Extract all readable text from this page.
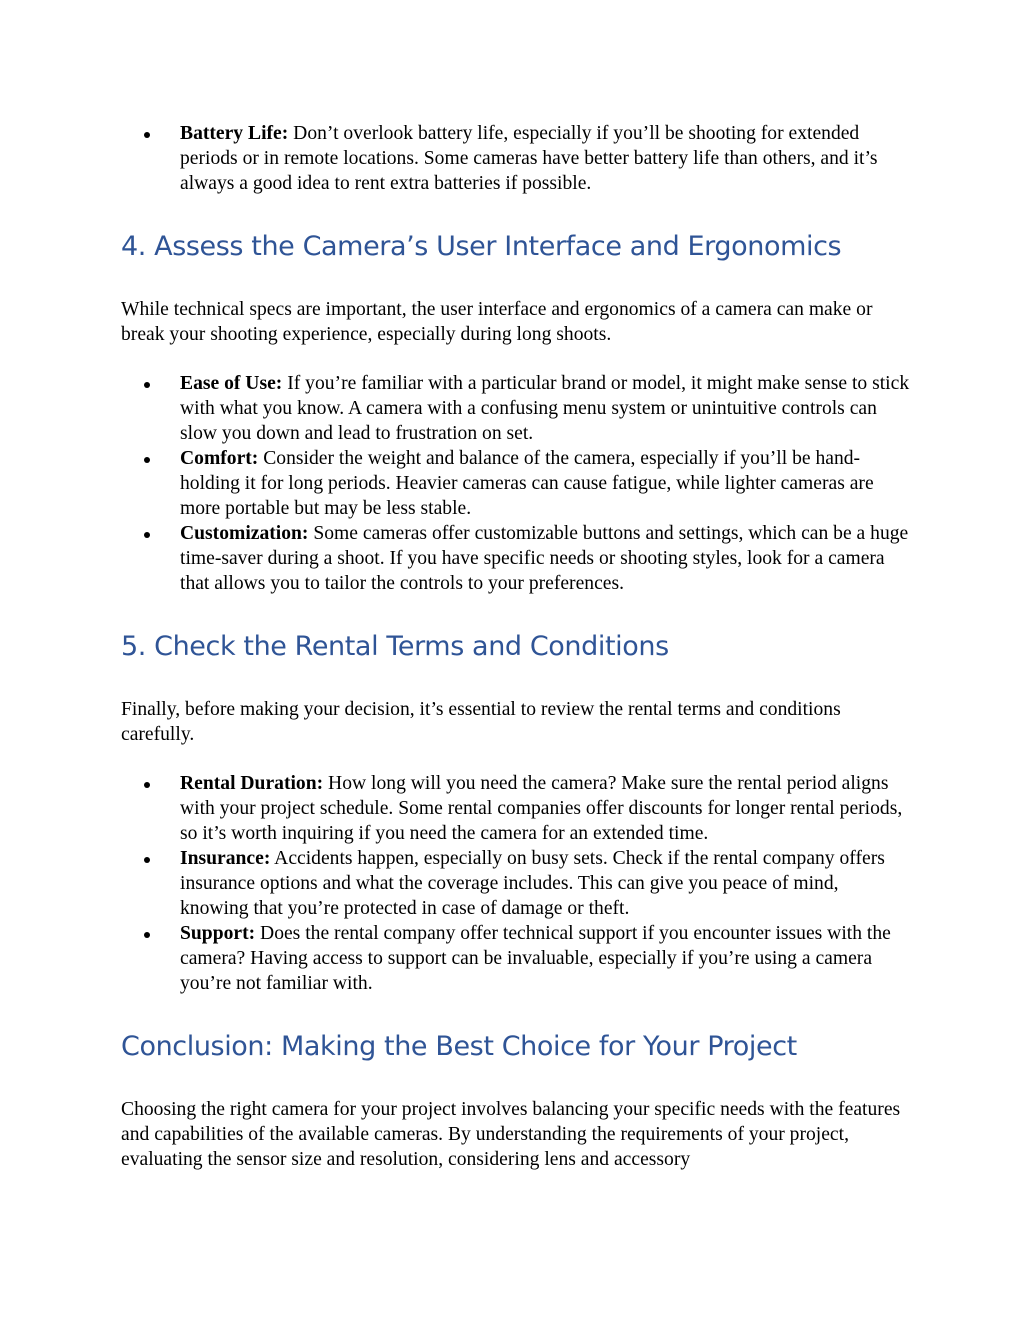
Battery Life: Don’t overlook battery life, especially if you’ll be shooting for extended periods or in remote locations. Some cameras have better battery life than others, and it’s always a good idea to rent extra batteries if possible.
4. Assess the Camera’s User Interface and Ergonomics

While technical specs are important, the user interface and ergonomics of a camera can make or break your shooting experience, especially during long shoots.

Ease of Use: If you’re familiar with a particular brand or model, it might make sense to stick with what you know. A camera with a confusing menu system or unintuitive controls can slow you down and lead to frustration on set.
Comfort: Consider the weight and balance of the camera, especially if you’ll be hand-holding it for long periods. Heavier cameras can cause fatigue, while lighter cameras are more portable but may be less stable.
Customization: Some cameras offer customizable buttons and settings, which can be a huge time-saver during a shoot. If you have specific needs or shooting styles, look for a camera that allows you to tailor the controls to your preferences.
5. Check the Rental Terms and Conditions

Finally, before making your decision, it’s essential to review the rental terms and conditions carefully.

Rental Duration: How long will you need the camera? Make sure the rental period aligns with your project schedule. Some rental companies offer discounts for longer rental periods, so it’s worth inquiring if you need the camera for an extended time.
Insurance: Accidents happen, especially on busy sets. Check if the rental company offers insurance options and what the coverage includes. This can give you peace of mind, knowing that you’re protected in case of damage or theft.
Support: Does the rental company offer technical support if you encounter issues with the camera? Having access to support can be invaluable, especially if you’re using a camera you’re not familiar with.
Conclusion: Making the Best Choice for Your Project

Choosing the right camera for your project involves balancing your specific needs with the features and capabilities of the available cameras. By understanding the requirements of your project, evaluating the sensor size and resolution, considering lens and accessory
